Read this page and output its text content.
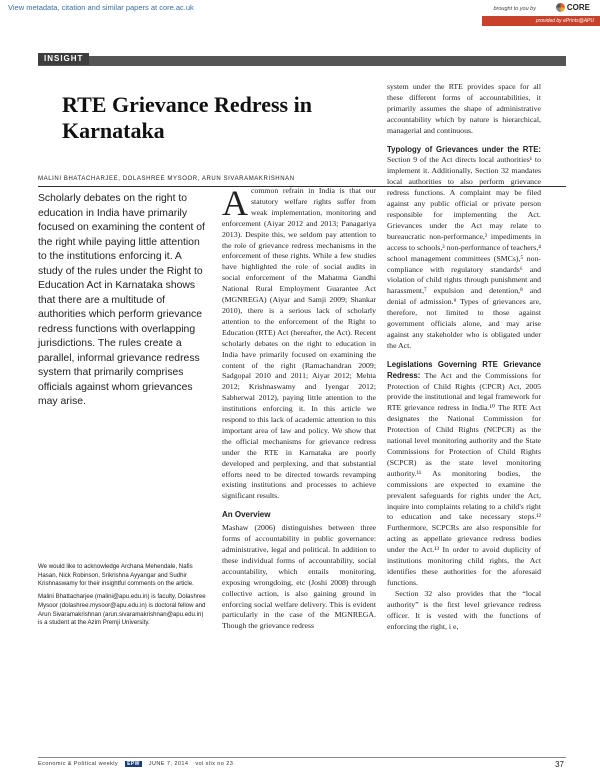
View metadata, citation and similar papers at core.ac.uk	brought to you by	CORE
provided by ePrints@APU
INSIGHT
RTE Grievance Redress in Karnataka
MALINI BHATACHARJEE, DOLASHREE MYSOOR, ARUN SIVARAMAKRISHNAN
Scholarly debates on the right to education in India have primarily focused on examining the content of the right while paying little attention to the institutions enforcing it. A study of the rules under the Right to Education Act in Karnataka shows that there are a multitude of authorities which perform grievance redress functions with overlapping jurisdictions. The rules create a parallel, informal grievance redress system that primarily comprises officials against whom grievances may arise.

We would like to acknowledge Archana Mehendale, Nafis Hasan, Nick Robinson, Srikrishna Ayyangar and Sudhir Krishnaswamy for their insightful comments on the article.

Malini Bhattacharjee (malini@apu.edu.in) is faculty, Dolashree Mysoor (dolashree.mysoor@apu.edu.in) is doctoral fellow and Arun Sivaramakrishnan (arun.sivaramakrishnan@apu.edu.in) is a student at the Azim Premji University.

Acommon refrain in India is that our statutory welfare rights suffer from weak implementation, monitoring and enforcement (Aiyar 2012 and 2013; Panagariya 2013). Despite this, we seldom pay attention to the role of grievance redress mechanisms in the enforcement of these rights. While a few studies have highlighted the role of social audits in social enforcement of the Mahatma Gandhi National Rural Employment Guarantee Act (MGNREGA) (Aiyar and Samji 2009; Shankar 2010), there is a serious lack of scholarly attention to the enforcement of the Right to Education (RTE) Act (hereafter, the Act). Recent scholarly debates on the right to education in India have primarily focused on examining the content of the right (Ramachandran 2009; Sadgopal 2010 and 2011; Aiyar 2012; Mehta 2012; Krishnaswamy and Iyengar 2012; Sabherwal 2012), paying little attention to the institutions enforcing it. In this article we respond to this lack of academic attention to this important area of law and policy. We show that the official mechanisms for grievance redress under the RTE in Karnataka are poorly developed and perplexing, and that substantial efforts need to be directed towards revamping existing institutions and processes to achieve significant results.

An Overview

Mashaw (2006) distinguishes between three forms of accountability in public governance: administrative, legal and political. In addition to these individual forms of accountability, social accountability, which entails monitoring, exposing wrongdoing, etc (Joshi 2008) through collective action, is also gaining ground in enforcing social welfare delivery. This is evident particularly in the case of the MGNREGA. Though the grievance redress

system under the RTE provides space for all these different forms of accountabilities, it primarily assumes the shape of administrative accountability which by nature is hierarchical, managerial and continuous.

Typology of Grievances under the RTE: Section 9 of the Act directs local authorities¹ to implement it. Additionally, Section 32 mandates local authorities to also perform grievance redress functions. A complaint may be filed against any public official or private person responsible for implementing the Act. Grievances under the Act may relate to bureaucratic non-performance,² impediments in access to schools,³ non-performance of teachers,⁴ school management committees (SMCs),⁵ non-compliance with regulatory standards⁶ and violation of child rights through punishment and harassment,⁷ expulsion and detention,⁸ and denial of admission.⁹ Types of grievances are, therefore, not limited to those against government officials alone, and may arise against any stakeholder who is obligated under the Act.

Legislations Governing RTE Grievance Redress: The Act and the Commissions for Protection of Child Rights (CPCR) Act, 2005 provide the institutional and legal framework for RTE grievance redress in India.¹⁰ The RTE Act designates the National Commission for Protection of Child Rights (NCPCR) as the national level monitoring authority and the State Commissions for Protection of Child Rights (SCPCR) as the state level monitoring authority.¹¹ As monitoring bodies, the commissions are expected to examine the prevalent safeguards for rights under the Act, inquire into complaints relating to a child's right to education and take necessary steps.¹² Furthermore, SCPCRs are also responsible for acting as appellate grievance redress bodies under the Act.¹³ In order to avoid duplicity of institutions monitoring child rights, the Act identifies these authorities for the aforesaid functions.

Section 32 also provides that the “local authority” is the first level grievance redress officer. It is vested with the functions of enforcing the right, i e,

Economic & Political weekly	EPW	JUNE 7, 2014 vol xlix no 23	37
